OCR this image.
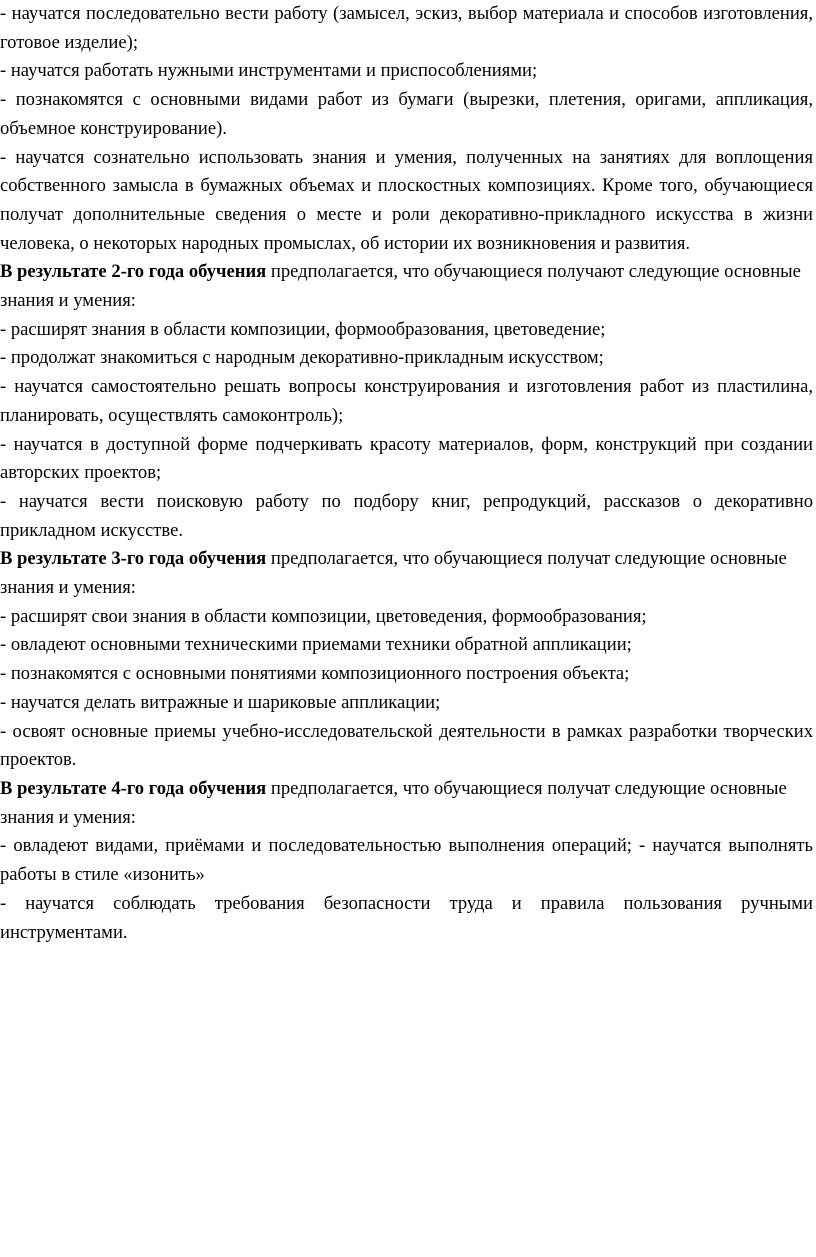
- научатся последовательно вести работу (замысел, эскиз, выбор материала и способов изготовления, готовое изделие);

- научатся работать нужными инструментами и приспособлениями;

- познакомятся с основными видами работ из бумаги (вырезки, плетения, оригами, аппликация, объемное конструирование).

- научатся сознательно использовать знания и умения, полученных на занятиях для воплощения собственного замысла в бумажных объемах и плоскостных композициях. Кроме того, обучающиеся получат дополнительные сведения о месте и роли декоративно-прикладного искусства в жизни человека, о некоторых народных промыслах, об истории их возникновения и развития.

В результате 2-го года обучения предполагается, что обучающиеся получают следующие основные знания и умения:

- расширят знания в области композиции, формообразования, цветоведение;

- продолжат знакомиться с народным декоративно-прикладным искусством;

- научатся самостоятельно решать вопросы конструирования и изготовления работ из пластилина, планировать, осуществлять самоконтроль);

- научатся в доступной форме подчеркивать красоту материалов, форм, конструкций при создании авторских проектов;

- научатся вести поисковую работу по подбору книг, репродукций, рассказов о декоративно прикладном искусстве.

В результате 3-го года обучения предполагается, что обучающиеся получат следующие основные знания и умения:

- расширят свои знания в области композиции, цветоведения, формообразования;

- овладеют основными техническими приемами техники обратной аппликации;

- познакомятся с основными понятиями композиционного построения объекта;

- научатся делать витражные и шариковые аппликации;

- освоят основные приемы учебно-исследовательской деятельности в рамках разработки творческих проектов.

В результате 4-го года обучения предполагается, что обучающиеся получат следующие основные знания и умения:

- овладеют видами, приёмами и последовательностью выполнения операций; - научатся выполнять работы в стиле «изонить»

- научатся соблюдать требования безопасности труда и правила пользования ручными инструментами.
